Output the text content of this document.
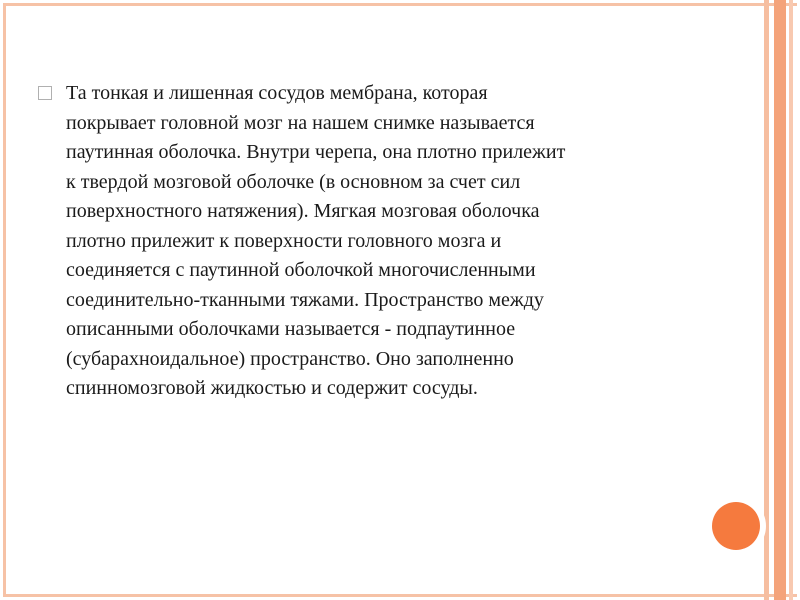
Та тонкая и лишенная сосудов мембрана, которая
покрывает головной мозг на нашем снимке называется
паутинная оболочка. Внутри черепа, она плотно прилежит
к твердой мозговой оболочке (в основном за счет сил
поверхностного натяжения). Мягкая мозговая оболочка
плотно прилежит к поверхности головного мозга и
соединяется с паутинной оболочкой многочисленными
соединительно-тканными тяжами. Пространство между
описанными оболочками называется - подпаутинное
(субарахноидальное) пространство. Оно заполненно
спинномозговой жидкостью и содержит сосуды.
